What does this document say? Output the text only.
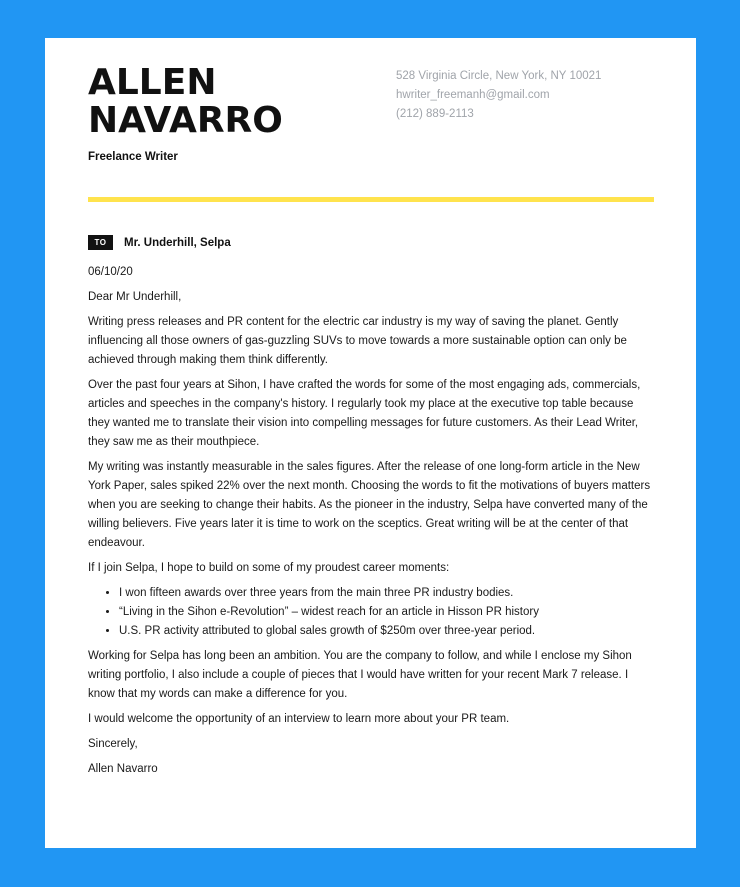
ALLEN
NAVARRO
Freelance Writer
528 Virginia Circle, New York, NY 10021
hwriter_freemanh@gmail.com
(212) 889-2113
TO	Mr. Underhill, Selpa

06/10/20

Dear Mr Underhill,

Writing press releases and PR content for the electric car industry is my way of saving the planet. Gently influencing all those owners of gas-guzzling SUVs to move towards a more sustainable option can only be achieved through making them think differently.

Over the past four years at Sihon, I have crafted the words for some of the most engaging ads, commercials, articles and speeches in the company's history. I regularly took my place at the executive top table because they wanted me to translate their vision into compelling messages for future customers. As their Lead Writer, they saw me as their mouthpiece.

My writing was instantly measurable in the sales figures. After the release of one long-form article in the New York Paper, sales spiked 22% over the next month. Choosing the words to fit the motivations of buyers matters when you are seeking to change their habits. As the pioneer in the industry, Selpa have converted many of the willing believers. Five years later it is time to work on the sceptics. Great writing will be at the center of that endeavour.

If I join Selpa, I hope to build on some of my proudest career moments:

• I won fifteen awards over three years from the main three PR industry bodies.
• “Living in the Sihon e-Revolution” – widest reach for an article in Hisson PR history
• U.S. PR activity attributed to global sales growth of $250m over three-year period.

Working for Selpa has long been an ambition. You are the company to follow, and while I enclose my Sihon writing portfolio, I also include a couple of pieces that I would have written for your recent Mark 7 release. I know that my words can make a difference for you.

I would welcome the opportunity of an interview to learn more about your PR team.

Sincerely,

Allen Navarro
